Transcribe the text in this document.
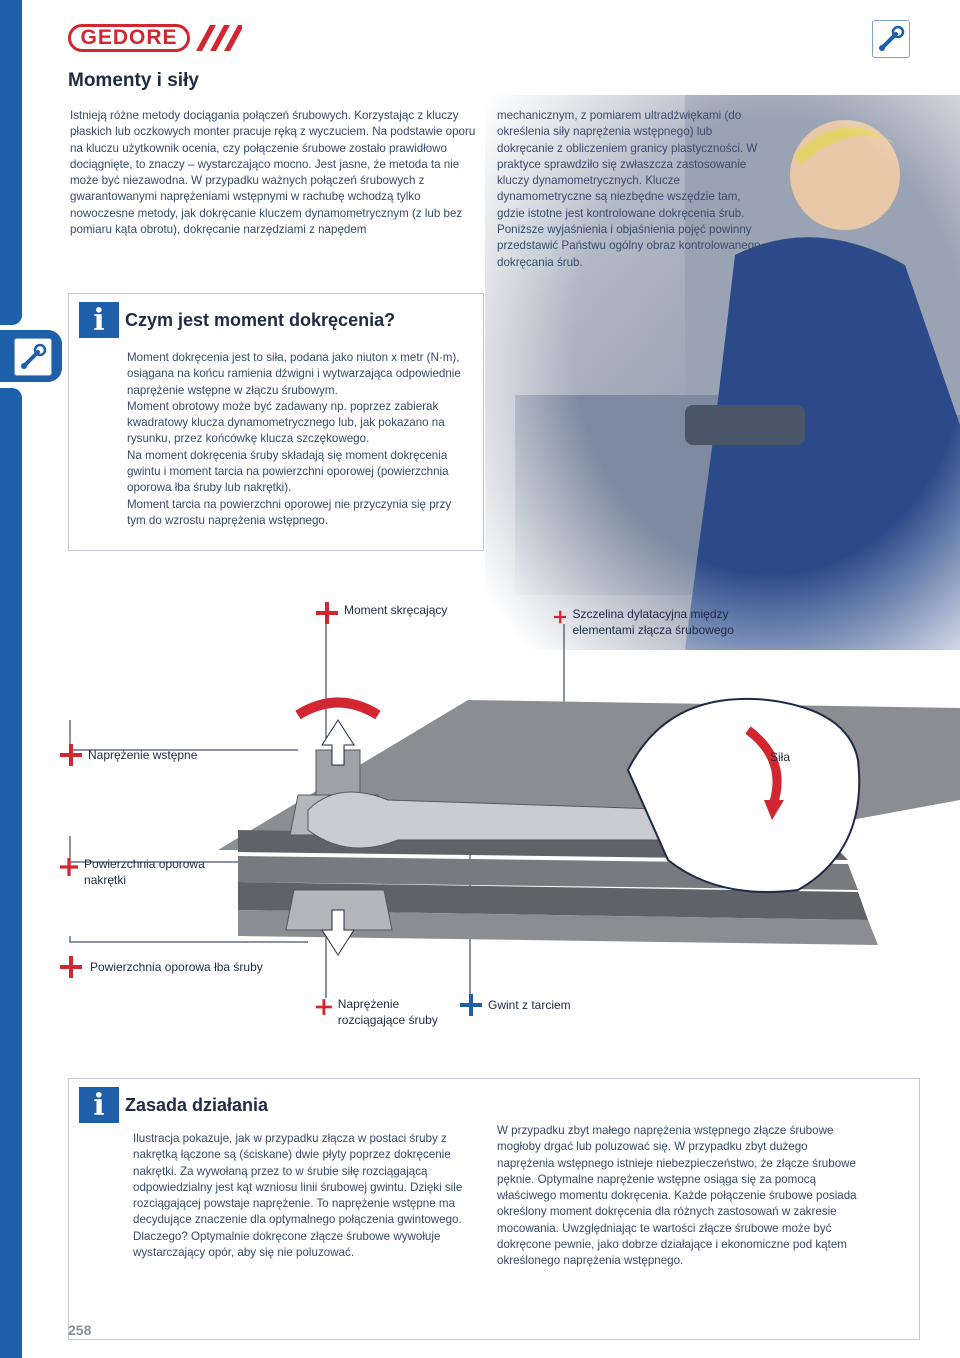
GEDORE
Momenty i siły

Istnieją różne metody dociągania połączeń śrubowych. Korzystając z kluczy płaskich lub oczkowych monter pracuje ręką z wyczuciem. Na podstawie oporu na kluczu użytkownik ocenia, czy połączenie śrubowe zostało prawidłowo dociągnięte, to znaczy – wystarczająco mocno. Jest jasne, że metoda ta nie może być niezawodna. W przypadku ważnych połączeń śrubowych z gwarantowanymi naprężeniami wstępnymi w rachubę wchodzą tylko nowoczesne metody, jak dokręcanie kluczem dynamometrycznym (z lub bez pomiaru kąta obrotu), dokręcanie narzędziami z napędem

mechanicznym, z pomiarem ultradźwiękami (do określenia siły naprężenia wstępnego) lub dokręcanie z obliczeniem granicy plastyczności. W praktyce sprawdziło się zwłaszcza zastosowanie kluczy dynamometrycznych. Klucze dynamometryczne są niezbędne wszędzie tam, gdzie istotne jest kontrolowane dokręcenia śrub. Poniższe wyjaśnienia i objaśnienia pojęć powinny przedstawić Państwu ogólny obraz kontrolowanego dokręcania śrub.

i	Czym jest moment dokręcenia?
Moment dokręcenia jest to siła, podana jako niuton x metr (N·m), osiągana na końcu ramienia dźwigni i wytwarzająca odpowiednie naprężenie wstępne w złączu śrubowym.
Moment obrotowy może być zadawany np. poprzez zabierak kwadratowy klucza dynamometrycznego lub, jak pokazano na rysunku, przez końcówkę klucza szczękowego.
Na moment dokręcenia śruby składają się moment dokręcenia gwintu i moment tarcia na powierzchni oporowej (powierzchnia oporowa łba śruby lub nakrętki).
Moment tarcia na powierzchni oporowej nie przyczynia się przy tym do wzrostu naprężenia wstępnego.
Moment skręcający	Szczelina dylatacyjna między elementami złącza śrubowego
Naprężenie wstępne	Siła
Powierzchnia oporowa nakrętki
Powierzchnia oporowa łba śruby
Naprężenie rozciągające śruby
Gwint z tarciem
i	Zasada działania
Ilustracja pokazuje, jak w przypadku złącza w postaci śruby z nakrętką łączone są (ściskane) dwie płyty poprzez dokręcenie nakrętki. Za wywołaną przez to w śrubie siłę rozciągającą odpowiedzialny jest kąt wzniosu linii śrubowej gwintu. Dzięki sile rozciągającej powstaje naprężenie. To naprężenie wstępne ma decydujące znaczenie dla optymalnego połączenia gwintowego. Dlaczego? Optymalnie dokręcone złącze śrubowe wywołuje wystarczający opór, aby się nie poluzować.
W przypadku zbyt małego naprężenia wstępnego złącze śrubowe mogłoby drgać lub poluzować się. W przypadku zbyt dużego naprężenia wstępnego istnieje niebezpieczeństwo, że złącze śrubowe pęknie. Optymalne naprężenie wstępne osiąga się za pomocą właściwego momentu dokręcenia. Każde połączenie śrubowe posiada określony moment dokręcenia dla różnych zastosowań w zakresie mocowania. Uwzględniając te wartości złącze śrubowe może być dokręcone pewnie, jako dobrze działające i ekonomiczne pod kątem określonego naprężenia wstępnego.
258
